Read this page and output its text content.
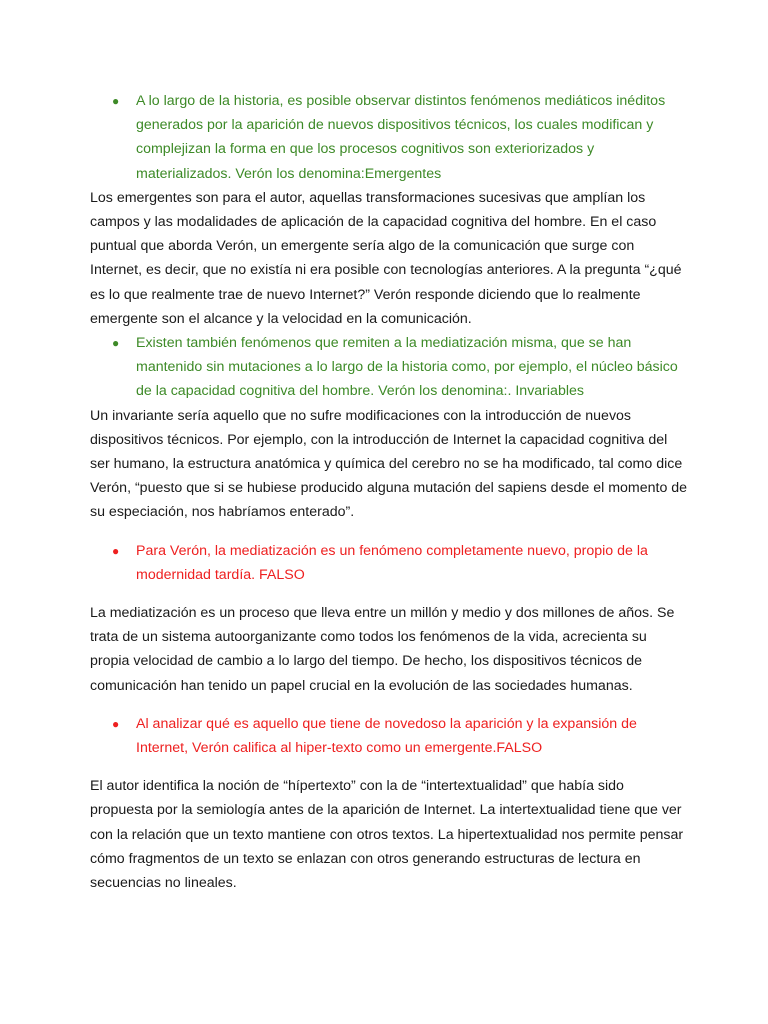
● A lo largo de la historia, es posible observar distintos fenómenos mediáticos inéditos generados por la aparición de nuevos dispositivos técnicos, los cuales modifican y complejizan la forma en que los procesos cognitivos son exteriorizados y materializados. Verón los denomina:Emergentes
Los emergentes son para el autor, aquellas transformaciones sucesivas que amplían los campos y las modalidades de aplicación de la capacidad cognitiva del hombre. En el caso puntual que aborda Verón, un emergente sería algo de la comunicación que surge con Internet, es decir, que no existía ni era posible con tecnologías anteriores. A la pregunta “¿qué es lo que realmente trae de nuevo Internet?” Verón responde diciendo que lo realmente emergente son el alcance y la velocidad en la comunicación.
● Existen también fenómenos que remiten a la mediatización misma, que se han mantenido sin mutaciones a lo largo de la historia como, por ejemplo, el núcleo básico de la capacidad cognitiva del hombre. Verón los denomina:. Invariables
Un invariante sería aquello que no sufre modificaciones con la introducción de nuevos dispositivos técnicos. Por ejemplo, con la introducción de Internet la capacidad cognitiva del ser humano, la estructura anatómica y química del cerebro no se ha modificado, tal como dice Verón, “puesto que si se hubiese producido alguna mutación del sapiens desde el momento de su especiación, nos habríamos enterado”.
● Para Verón, la mediatización es un fenómeno completamente nuevo, propio de la modernidad tardía. FALSO
La mediatización es un proceso que lleva entre un millón y medio y dos millones de años. Se trata de un sistema autoorganizante como todos los fenómenos de la vida, acrecienta su propia velocidad de cambio a lo largo del tiempo. De hecho, los dispositivos técnicos de comunicación han tenido un papel crucial en la evolución de las sociedades humanas.
● Al analizar qué es aquello que tiene de novedoso la aparición y la expansión de Internet, Verón califica al hiper-texto como un emergente.FALSO
El autor identifica la noción de “hípertexto” con la de “intertextualidad” que había sido propuesta por la semiología antes de la aparición de Internet. La intertextualidad tiene que ver con la relación que un texto mantiene con otros textos. La hipertextualidad nos permite pensar cómo fragmentos de un texto se enlazan con otros generando estructuras de lectura en secuencias no lineales.
